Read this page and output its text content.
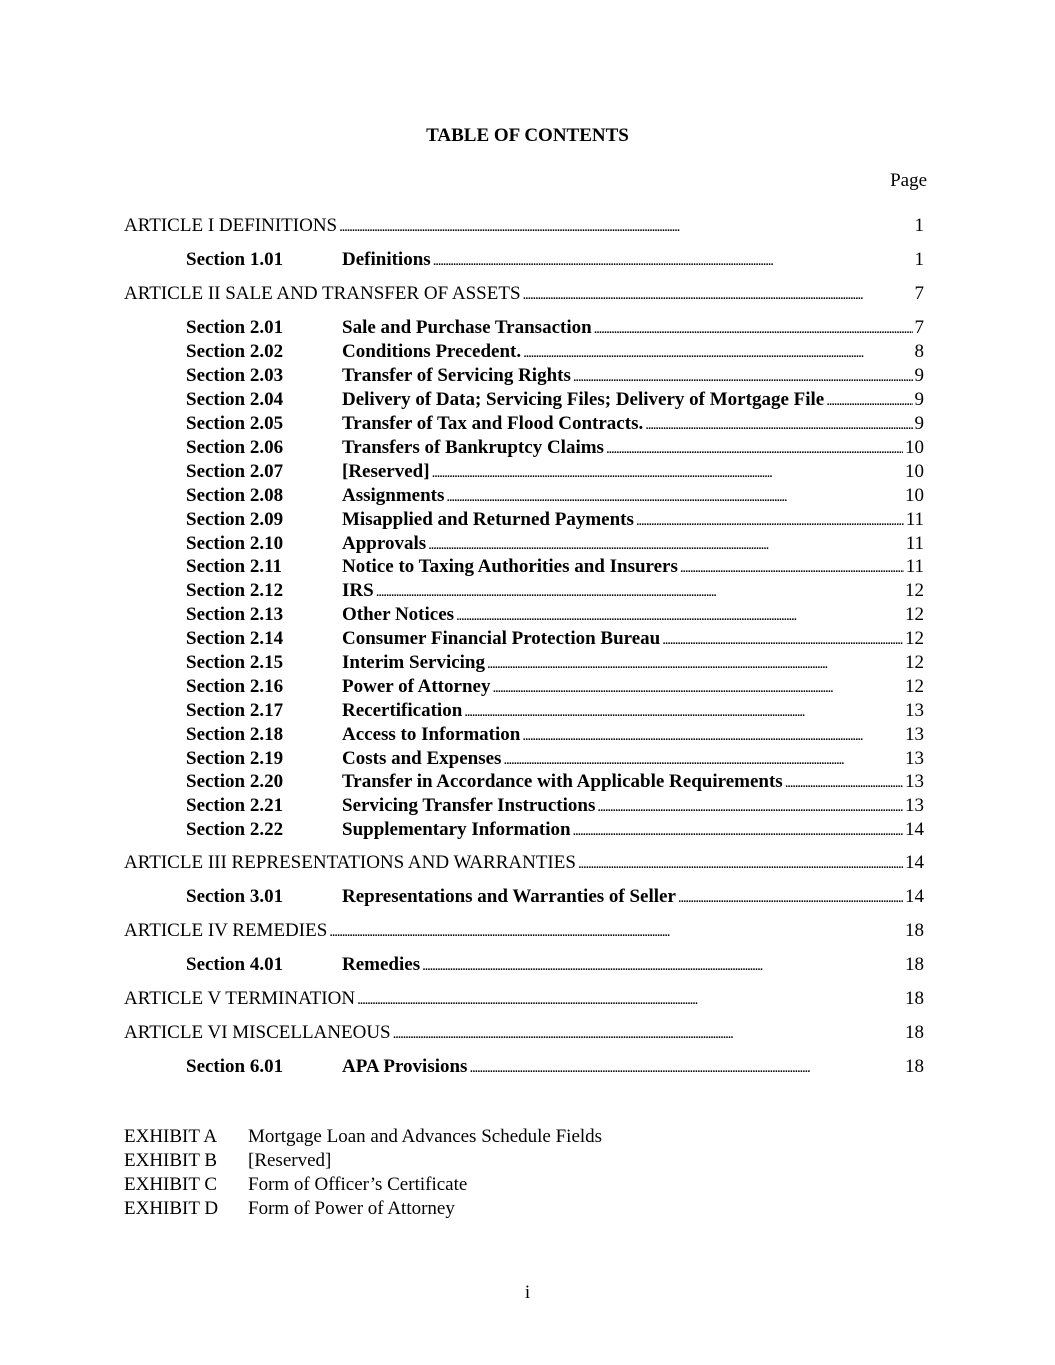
TABLE OF CONTENTS
Page
ARTICLE I DEFINITIONS . . .	1
Section 1.01	Definitions . . .	1
ARTICLE II SALE AND TRANSFER OF ASSETS . . .	7
Section 2.01	Sale and Purchase Transaction . . .	7
Section 2.02	Conditions Precedent. . . .	8
Section 2.03	Transfer of Servicing Rights . . .	9
Section 2.04	Delivery of Data; Servicing Files; Delivery of Mortgage File . . .	9
Section 2.05	Transfer of Tax and Flood Contracts. . . .	9
Section 2.06	Transfers of Bankruptcy Claims . . .	10
Section 2.07	[Reserved] . . .	10
Section 2.08	Assignments . . .	10
Section 2.09	Misapplied and Returned Payments . . .	11
Section 2.10	Approvals . . .	11
Section 2.11	Notice to Taxing Authorities and Insurers . . .	11
Section 2.12	IRS . . .	12
Section 2.13	Other Notices . . .	12
Section 2.14	Consumer Financial Protection Bureau . . .	12
Section 2.15	Interim Servicing . . .	12
Section 2.16	Power of Attorney . . .	12
Section 2.17	Recertification . . .	13
Section 2.18	Access to Information . . .	13
Section 2.19	Costs and Expenses . . .	13
Section 2.20	Transfer in Accordance with Applicable Requirements . . .	13
Section 2.21	Servicing Transfer Instructions . . .	13
Section 2.22	Supplementary Information . . .	14
ARTICLE III REPRESENTATIONS AND WARRANTIES . . .	14
Section 3.01	Representations and Warranties of Seller . . .	14
ARTICLE IV REMEDIES . . .	18
Section 4.01	Remedies . . .	18
ARTICLE V TERMINATION . . .	18
ARTICLE VI MISCELLANEOUS . . .	18
Section 6.01	APA Provisions . . .	18
EXHIBIT A	Mortgage Loan and Advances Schedule Fields
EXHIBIT B	[Reserved]
EXHIBIT C	Form of Officer’s Certificate
EXHIBIT D	Form of Power of Attorney
i
